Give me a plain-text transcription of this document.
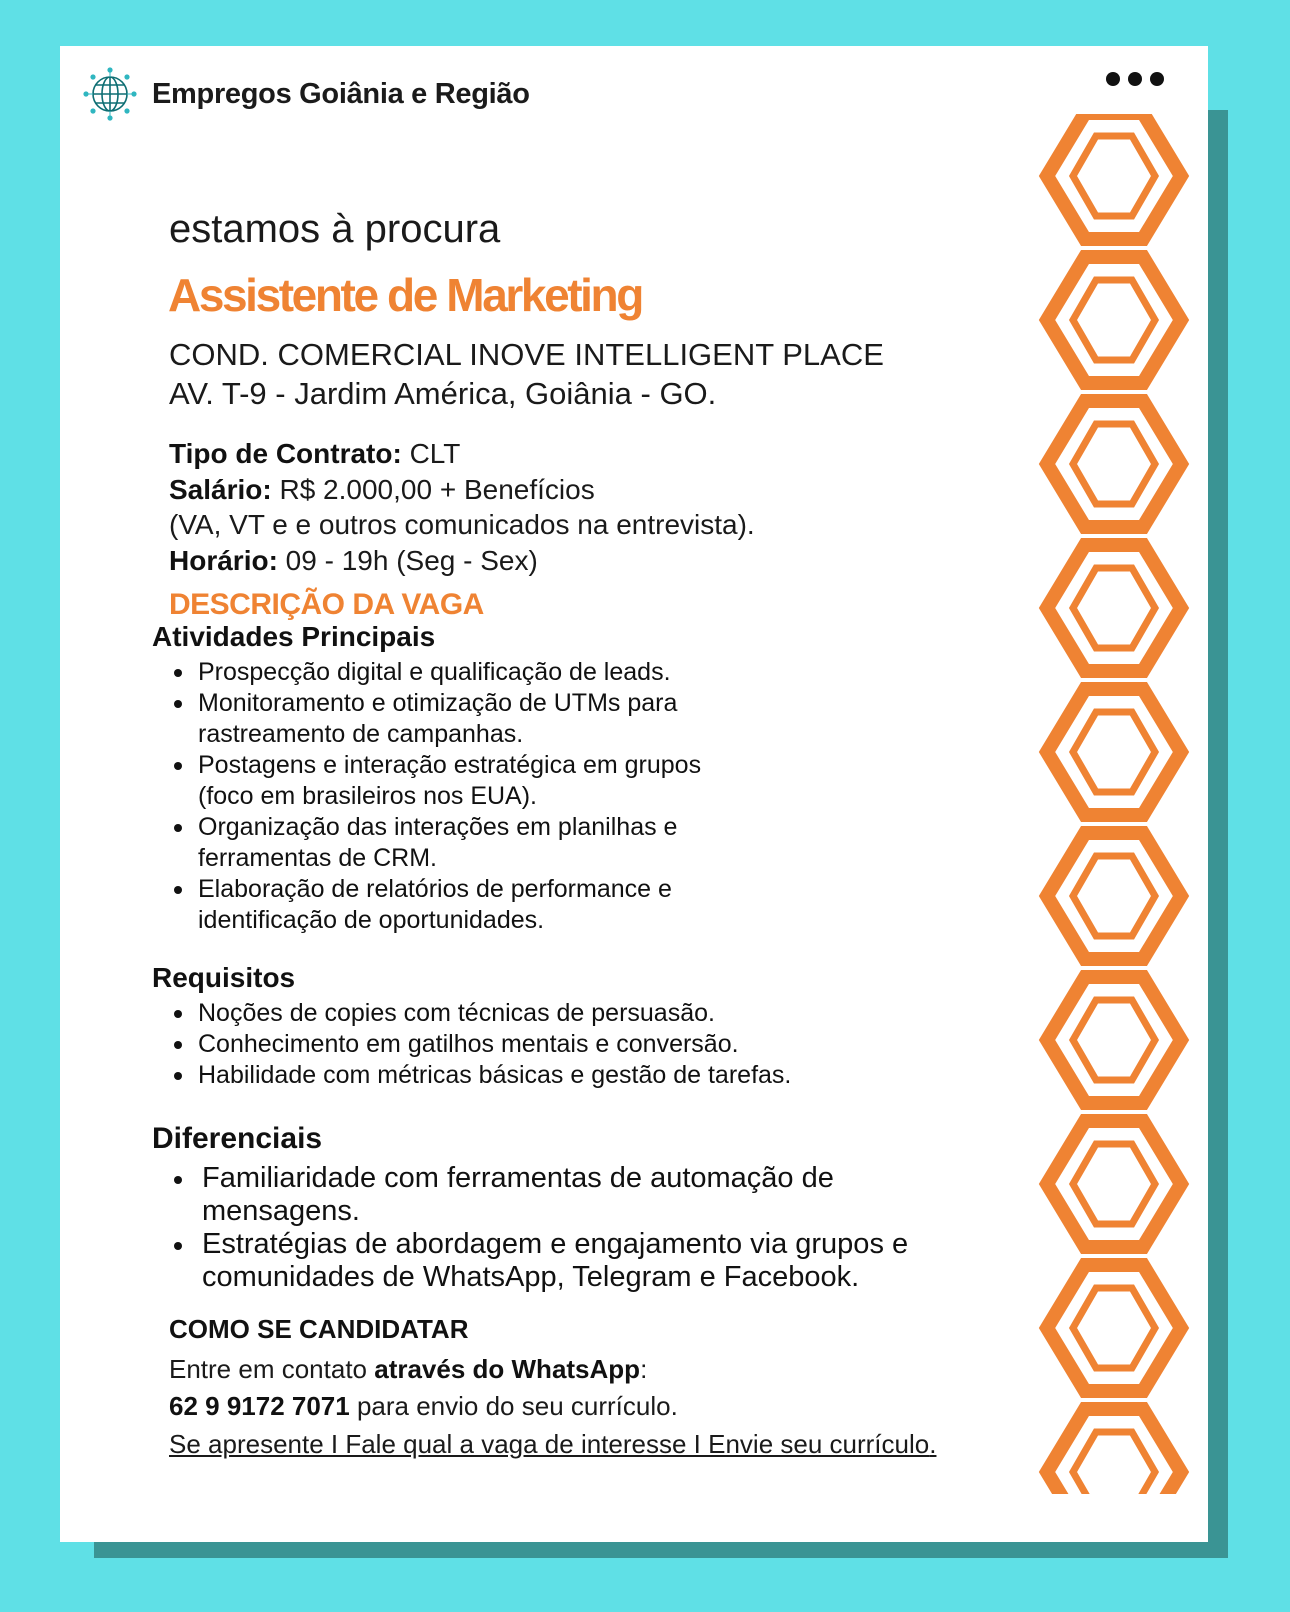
Empregos Goiânia e Região
estamos à procura
Assistente de Marketing
COND. COMERCIAL INOVE INTELLIGENT PLACE
AV. T-9 - Jardim América, Goiânia - GO.
Tipo de Contrato: CLT
Salário: R$ 2.000,00 + Benefícios
(VA, VT e e outros comunicados na entrevista).
Horário: 09 - 19h (Seg - Sex)
DESCRIÇÃO DA VAGA
Atividades Principais
Prospecção digital e qualificação de leads.
Monitoramento e otimização de UTMs para
rastreamento de campanhas.
Postagens e interação estratégica em grupos
(foco em brasileiros nos EUA).
Organização das interações em planilhas e
ferramentas de CRM.
Elaboração de relatórios de performance e
identificação de oportunidades.
Requisitos
Noções de copies com técnicas de persuasão.
Conhecimento em gatilhos mentais e conversão.
Habilidade com métricas básicas e gestão de tarefas.
Diferenciais
Familiaridade com ferramentas de automação de
mensagens.
Estratégias de abordagem e engajamento via grupos e
comunidades de WhatsApp, Telegram e Facebook.
COMO SE CANDIDATAR
Entre em contato através do WhatsApp:
62 9 9172 7071 para envio do seu currículo.
Se apresente I Fale qual a vaga de interesse I Envie seu currículo.
